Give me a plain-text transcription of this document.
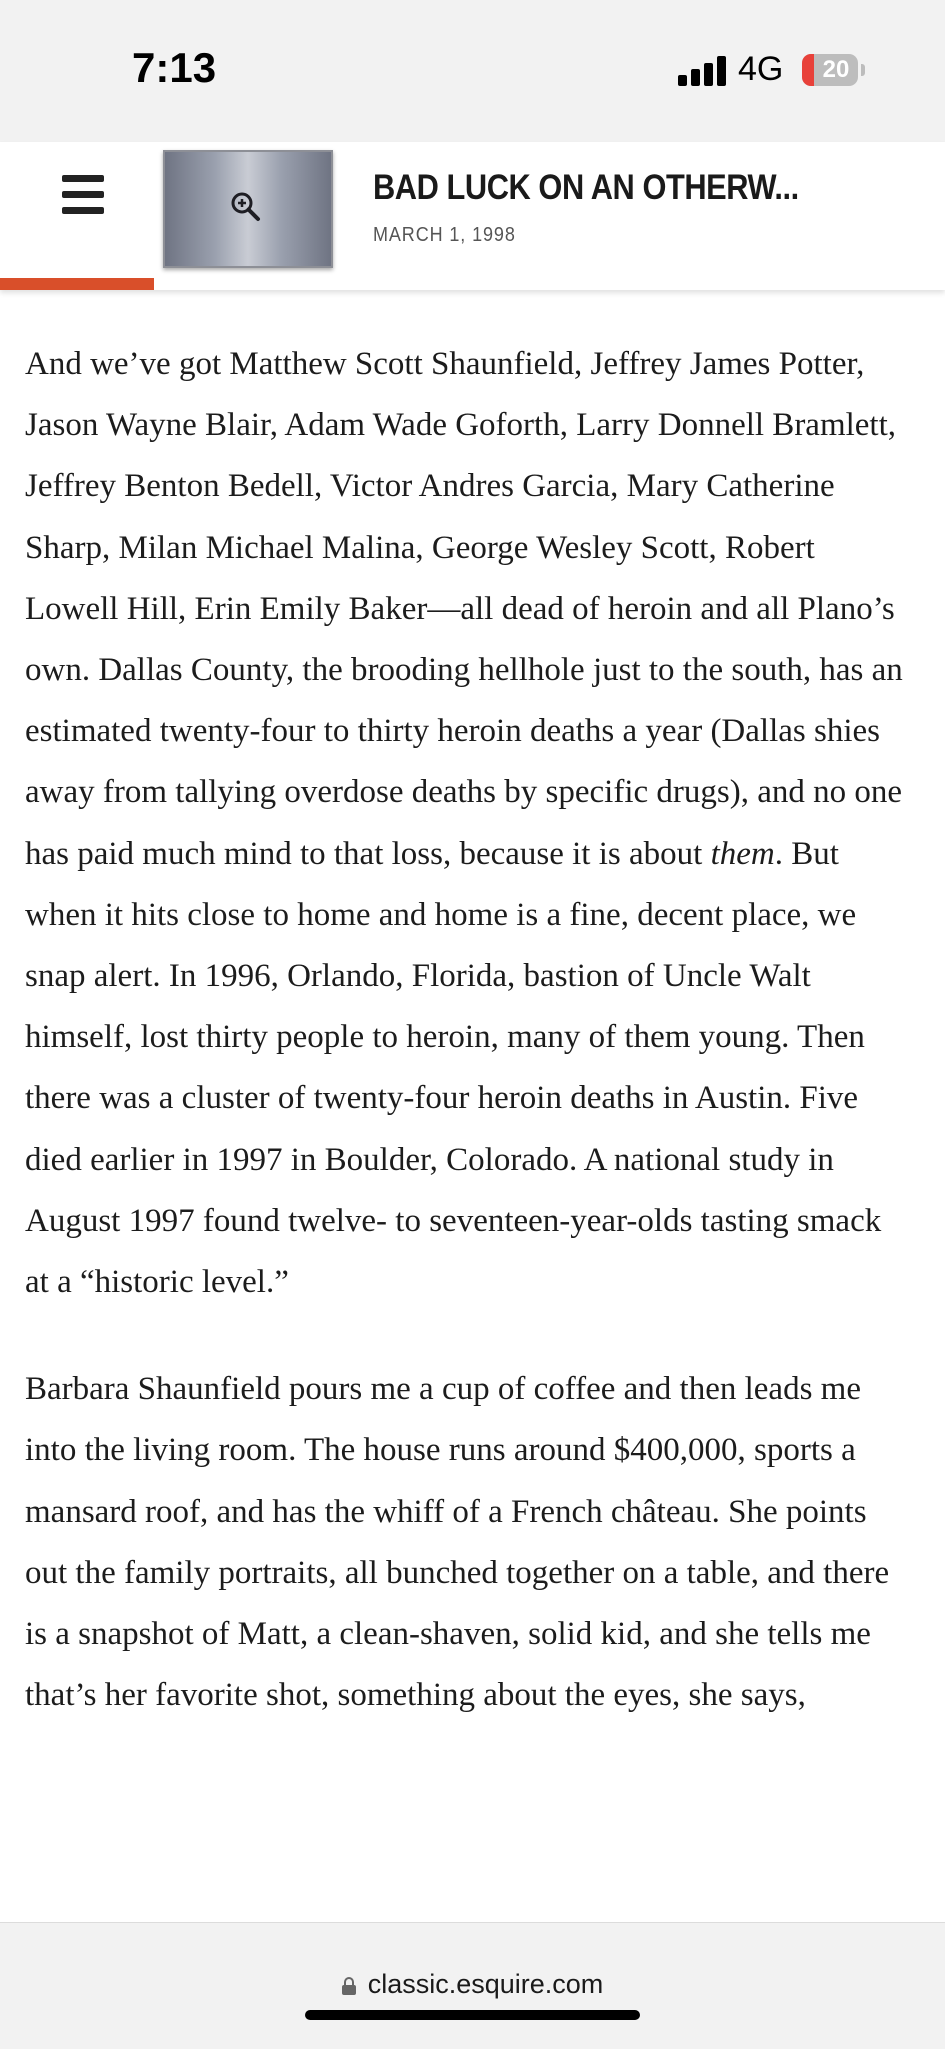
7:13	4G	20
BAD LUCK ON AN OTHERW...
MARCH 1, 1998

And we’ve got Matthew Scott Shaunfield, Jeffrey James Potter, Jason Wayne Blair, Adam Wade Goforth, Larry Donnell Bramlett, Jeffrey Benton Bedell, Victor Andres Garcia, Mary Catherine Sharp, Milan Michael Malina, George Wesley Scott, Robert Lowell Hill, Erin Emily Baker—all dead of heroin and all Plano’s own. Dallas County, the brooding hellhole just to the south, has an estimated twenty-four to thirty heroin deaths a year (Dallas shies away from tallying overdose deaths by specific drugs), and no one has paid much mind to that loss, because it is about them. But when it hits close to home and home is a fine, decent place, we snap alert. In 1996, Orlando, Florida, bastion of Uncle Walt himself, lost thirty people to heroin, many of them young. Then there was a cluster of twenty-four heroin deaths in Austin. Five died earlier in 1997 in Boulder, Colorado. A national study in August 1997 found twelve- to seventeen-year-olds tasting smack at a “historic level.”

Barbara Shaunfield pours me a cup of coffee and then leads me into the living room. The house runs around $400,000, sports a mansard roof, and has the whiff of a French château. She points out the family portraits, all bunched together on a table, and there is a snapshot of Matt, a clean-shaven, solid kid, and she tells me that’s her favorite shot, something about the eyes, she says,

classic.esquire.com
